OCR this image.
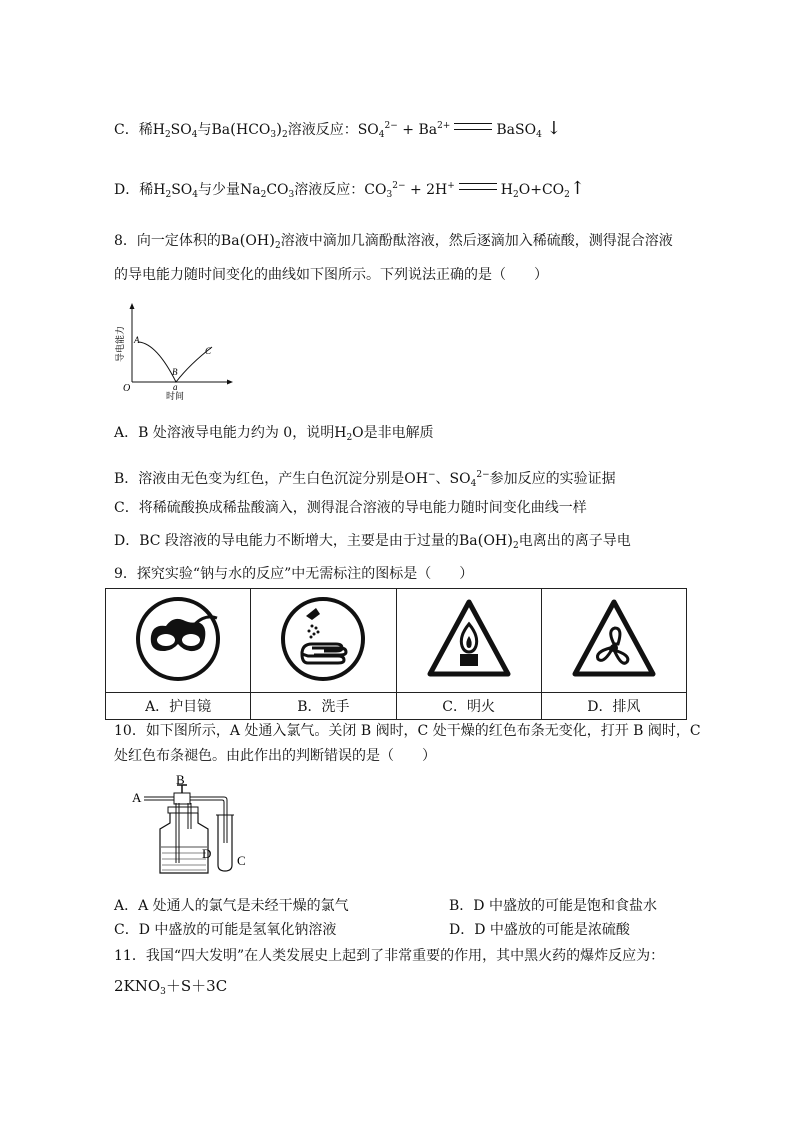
C．稀$H_2SO_4$与$Ba(HCO_3)_2$溶液反应：$SO_4^{2-} + Ba^{2+}$	BaSO$_4$ ↓
D．稀$H_2SO_4$与少量$Na_2CO_3$溶液反应：$CO_3^{2-} + 2H^+$	$H_2O+CO_2↑$
8．向一定体积的$Ba(OH)_2$溶液中滴加几滴酚酞溶液，然后逐滴加入稀硫酸，测得混合溶液
的导电能力随时间变化的曲线如下图所示。下列说法正确的是（　　）
导电能力
O
A
B
C
a
时间
A．B 处溶液导电能力约为 0，说明$H_2O$是非电解质
B．溶液由无色变为红色，产生白色沉淀分别是OH−、$SO_4^{2-}$参加反应的实验证据
C．将稀硫酸换成稀盐酸滴入，测得混合溶液的导电能力随时间变化曲线一样
D．BC 段溶液的导电能力不断增大，主要是由于过量的$Ba(OH)_2$电离出的离子导电
9．探究实验“钠与水的反应”中无需标注的图标是（　　）

A．护目镜	B．洗手	C．明火	D．排风
10．如下图所示，A 处通入氯气。关闭 B 阀时，C 处干燥的红色布条无变化，打开 B 阀时，C
处红色布条褪色。由此作出的判断错误的是（　　）
A
B
D C
A．A 处通人的氯气是未经干燥的氯气	B．D 中盛放的可能是饱和食盐水
C．D 中盛放的可能是氢氧化钠溶液	D．D 中盛放的可能是浓硫酸
11．我国“四大发明”在人类发展史上起到了非常重要的作用，其中黑火药的爆炸反应为：
$2KNO_3+S+3C$
